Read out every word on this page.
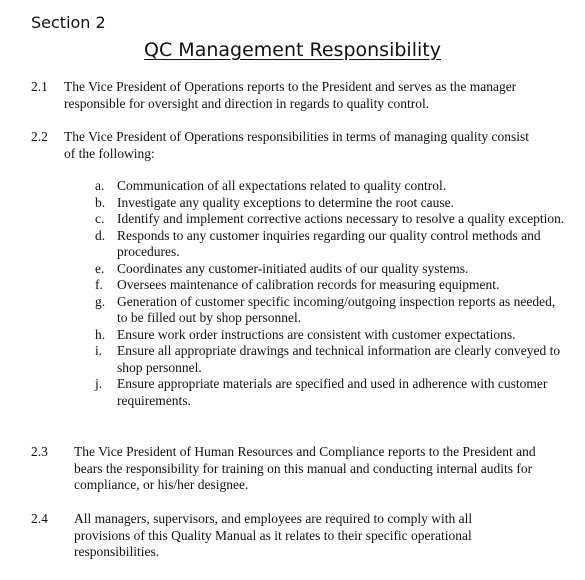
Section 2
QC Management Responsibility
2.1 The Vice President of Operations reports to the President and serves as the manager responsible for oversight and direction in regards to quality control.
2.2 The Vice President of Operations responsibilities in terms of managing quality consist of the following:
a. Communication of all expectations related to quality control.
b. Investigate any quality exceptions to determine the root cause.
c. Identify and implement corrective actions necessary to resolve a quality exception.
d. Responds to any customer inquiries regarding our quality control methods and procedures.
e. Coordinates any customer-initiated audits of our quality systems.
f. Oversees maintenance of calibration records for measuring equipment.
g. Generation of customer specific incoming/outgoing inspection reports as needed, to be filled out by shop personnel.
h. Ensure work order instructions are consistent with customer expectations.
i. Ensure all appropriate drawings and technical information are clearly conveyed to shop personnel.
j. Ensure appropriate materials are specified and used in adherence with customer requirements.
2.3 The Vice President of Human Resources and Compliance reports to the President and bears the responsibility for training on this manual and conducting internal audits for compliance, or his/her designee.
2.4 All managers, supervisors, and employees are required to comply with all provisions of this Quality Manual as it relates to their specific operational responsibilities.
